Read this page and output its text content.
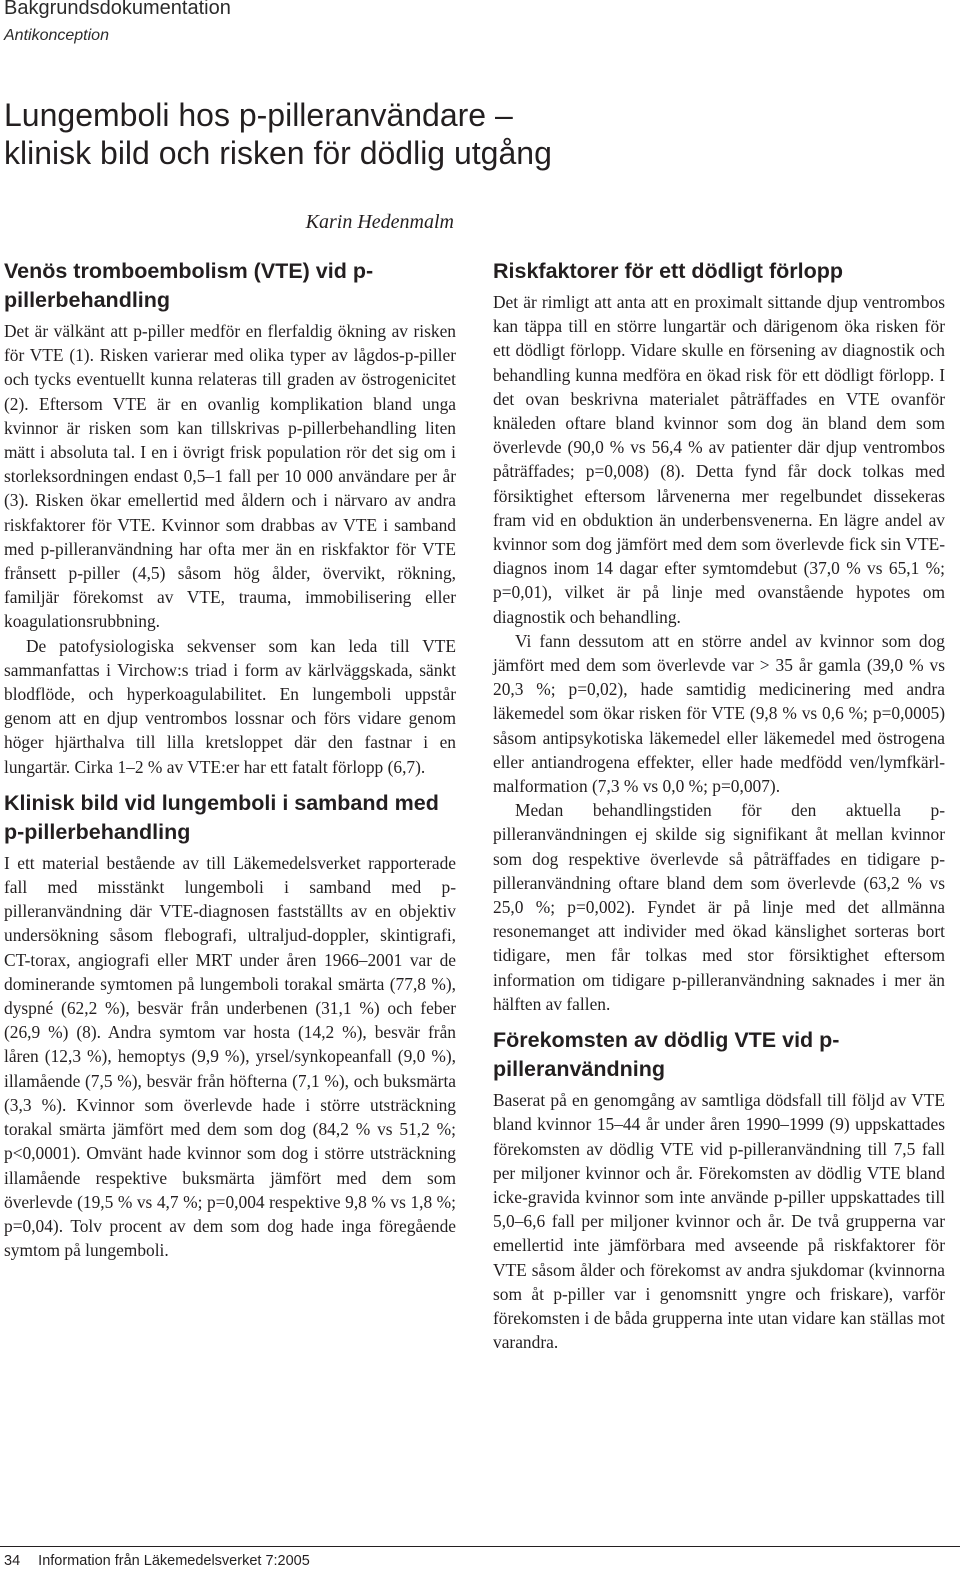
Bakgrundsdokumentation
Antikonception
Lungemboli hos p-pilleranvändare –
klinisk bild och risken för dödlig utgång
Karin Hedenmalm
Venös tromboembolism (VTE) vid p-pillerbehandling

Det är välkänt att p-piller medför en flerfaldig ökning av risken för VTE (1). Risken varierar med olika typer av lågdos-p-piller och tycks eventuellt kunna relateras till graden av östrogenicitet (2). Eftersom VTE är en ovanlig komplikation bland unga kvinnor är risken som kan tillskrivas p-pillerbehandling liten mätt i absoluta tal. I en i övrigt frisk population rör det sig om i storleksordningen endast 0,5–1 fall per 10 000 användare per år (3). Risken ökar emellertid med åldern och i närvaro av andra riskfaktorer för VTE. Kvinnor som drabbas av VTE i samband med p-pilleranvändning har ofta mer än en riskfaktor för VTE frånsett p-piller (4,5) såsom hög ålder, övervikt, rökning, familjär förekomst av VTE, trauma, immobilisering eller koagulationsrubbning.

De patofysiologiska sekvenser som kan leda till VTE sammanfattas i Virchow:s triad i form av kärlväggskada, sänkt blodflöde, och hyperkoagulabilitet. En lungemboli uppstår genom att en djup ventrombos lossnar och förs vidare genom höger hjärthalva till lilla kretsloppet där den fastnar i en lungartär. Cirka 1–2 % av VTE:er har ett fatalt förlopp (6,7).

Klinisk bild vid lungemboli i samband med p-pillerbehandling

I ett material bestående av till Läkemedelsverket rapporterade fall med misstänkt lungemboli i samband med p-pilleranvändning där VTE-diagnosen fastställts av en objektiv undersökning såsom flebografi, ultraljud-doppler, skintigrafi, CT-torax, angiografi eller MRT under åren 1966–2001 var de dominerande symtomen på lungemboli torakal smärta (77,8 %), dyspné (62,2 %), besvär från underbenen (31,1 %) och feber (26,9 %) (8). Andra symtom var hosta (14,2 %), besvär från låren (12,3 %), hemoptys (9,9 %), yrsel/synkopeanfall (9,0 %), illamående (7,5 %), besvär från höfterna (7,1 %), och buksmärta (3,3 %). Kvinnor som överlevde hade i större utsträckning torakal smärta jämfört med dem som dog (84,2 % vs 51,2 %; p<0,0001). Omvänt hade kvinnor som dog i större utsträckning illamående respektive buksmärta jämfört med dem som överlevde (19,5 % vs 4,7 %; p=0,004 respektive 9,8 % vs 1,8 %; p=0,04). Tolv procent av dem som dog hade inga föregående symtom på lungemboli.

Riskfaktorer för ett dödligt förlopp

Det är rimligt att anta att en proximalt sittande djup ventrombos kan täppa till en större lungartär och därigenom öka risken för ett dödligt förlopp. Vidare skulle en försening av diagnostik och behandling kunna medföra en ökad risk för ett dödligt förlopp. I det ovan beskrivna materialet påträffades en VTE ovanför knäleden oftare bland kvinnor som dog än bland dem som överlevde (90,0 % vs 56,4 % av patienter där djup ventrombos påträffades; p=0,008) (8). Detta fynd får dock tolkas med försiktighet eftersom lårvenerna mer regelbundet dissekeras fram vid en obduktion än underbensvenerna. En lägre andel av kvinnor som dog jämfört med dem som överlevde fick sin VTE-diagnos inom 14 dagar efter symtomdebut (37,0 % vs 65,1 %; p=0,01), vilket är på linje med ovanstående hypotes om diagnostik och behandling.

Vi fann dessutom att en större andel av kvinnor som dog jämfört med dem som överlevde var > 35 år gamla (39,0 % vs 20,3 %; p=0,02), hade samtidig medicinering med andra läkemedel som ökar risken för VTE (9,8 % vs 0,6 %; p=0,0005) såsom antipsykotiska läkemedel eller läkemedel med östrogena eller antiandrogena effekter, eller hade medfödd ven/lymfkärl-malformation (7,3 % vs 0,0 %; p=0,007).

Medan behandlingstiden för den aktuella p-pilleranvändningen ej skilde sig signifikant åt mellan kvinnor som dog respektive överlevde så påträffades en tidigare p-pilleranvändning oftare bland dem som överlevde (63,2 % vs 25,0 %; p=0,002). Fyndet är på linje med det allmänna resonemanget att individer med ökad känslighet sorteras bort tidigare, men får tolkas med stor försiktighet eftersom information om tidigare p-pilleranvändning saknades i mer än hälften av fallen.

Förekomsten av dödlig VTE vid p-pilleranvändning

Baserat på en genomgång av samtliga dödsfall till följd av VTE bland kvinnor 15–44 år under åren 1990–1999 (9) uppskattades förekomsten av dödlig VTE vid p-pilleranvändning till 7,5 fall per miljoner kvinnor och år. Förekomsten av dödlig VTE bland icke-gravida kvinnor som inte använde p-piller uppskattades till 5,0–6,6 fall per miljoner kvinnor och år. De två grupperna var emellertid inte jämförbara med avseende på riskfaktorer för VTE såsom ålder och förekomst av andra sjukdomar (kvinnorna som åt p-piller var i genomsnitt yngre och friskare), varför förekomsten i de båda grupperna inte utan vidare kan ställas mot varandra.

34 Information från Läkemedelsverket 7:2005
